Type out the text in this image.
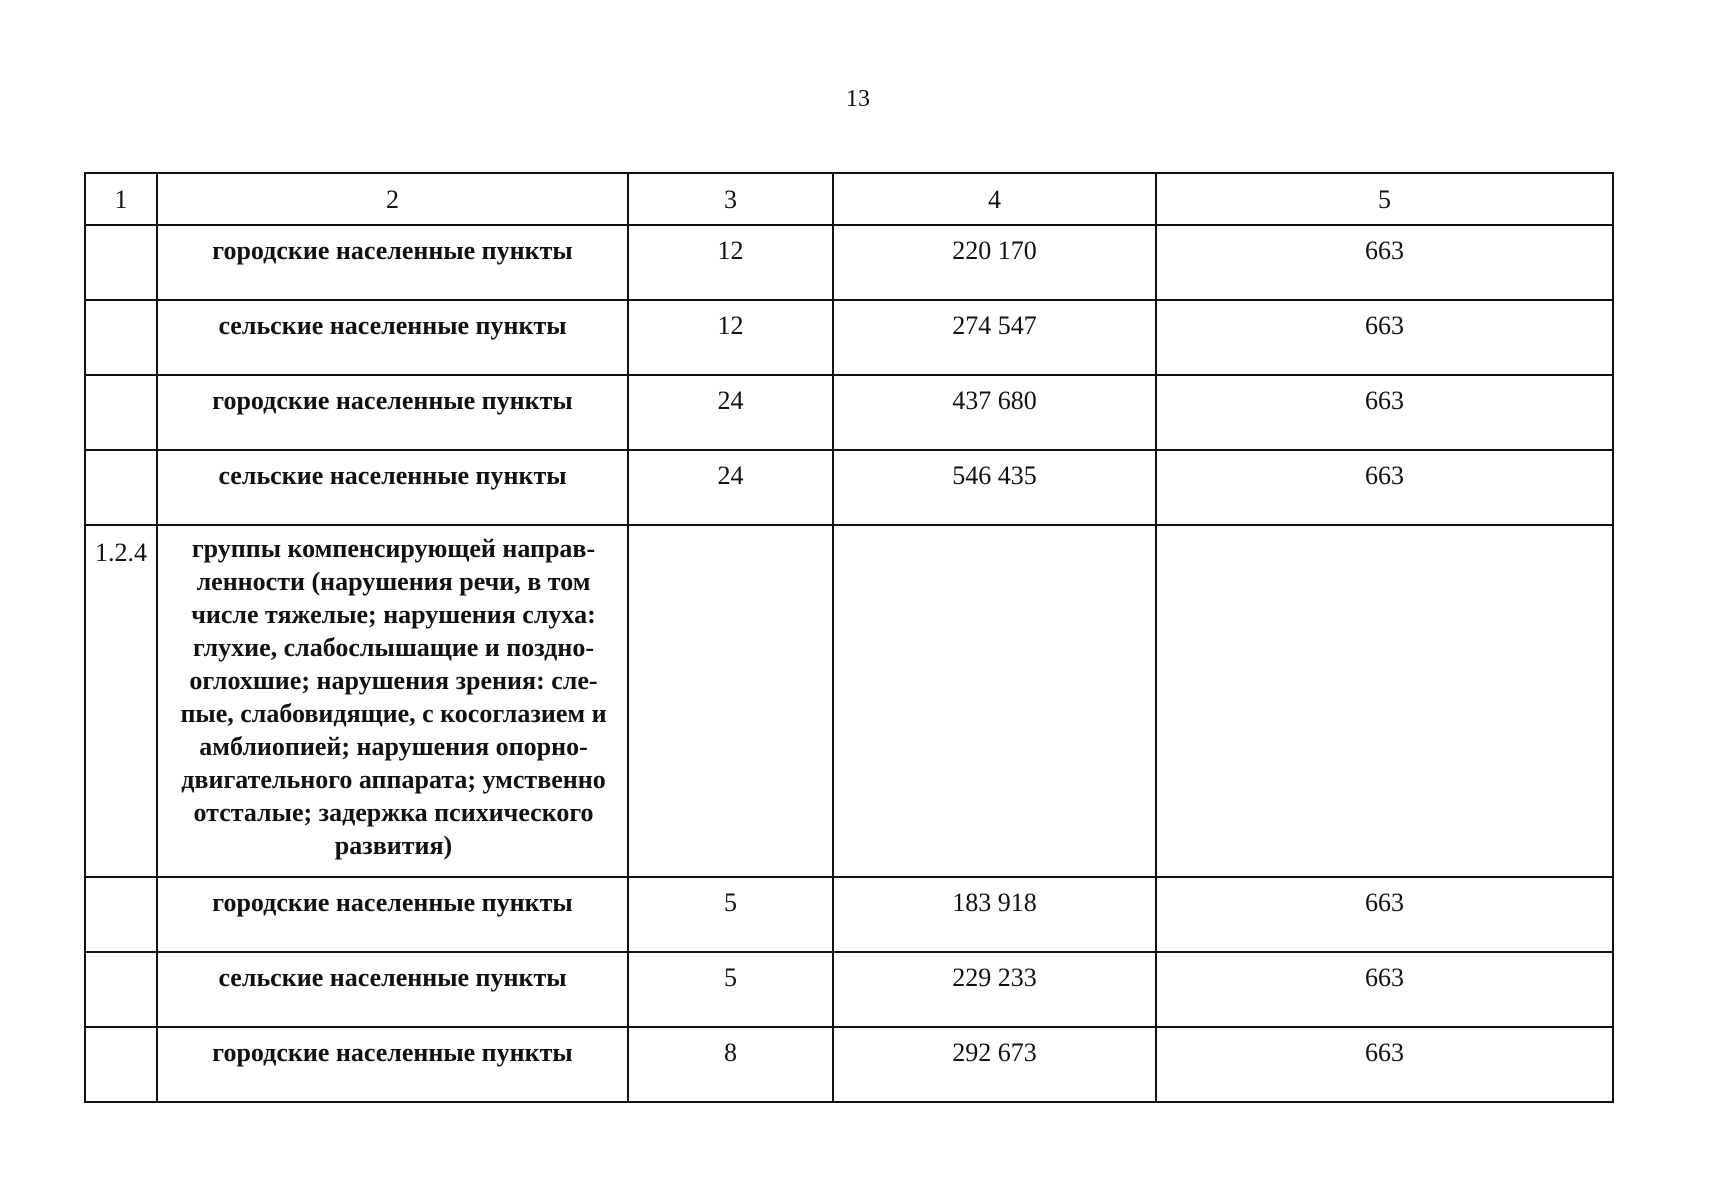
13
1	2	3	4	5

	городские населенные пункты	12	220 170	663

	сельские населенные пункты	12	274 547	663

	городские населенные пункты	24	437 680	663

	сельские населенные пункты	24	546 435	663

1.2.4	группы компенсирующей направ-ленности (нарушения речи, в том числе тяжелые; нарушения слуха: глухие, слабослышащие и поздно-оглохшие; нарушения зрения: сле-пые, слабовидящие, с косоглазием и амблиопией; нарушения опорно-двигательного аппарата; умственно отсталые; задержка психического развития)			

	городские населенные пункты	5	183 918	663

	сельские населенные пункты	5	229 233	663

	городские населенные пункты	8	292 673	663
